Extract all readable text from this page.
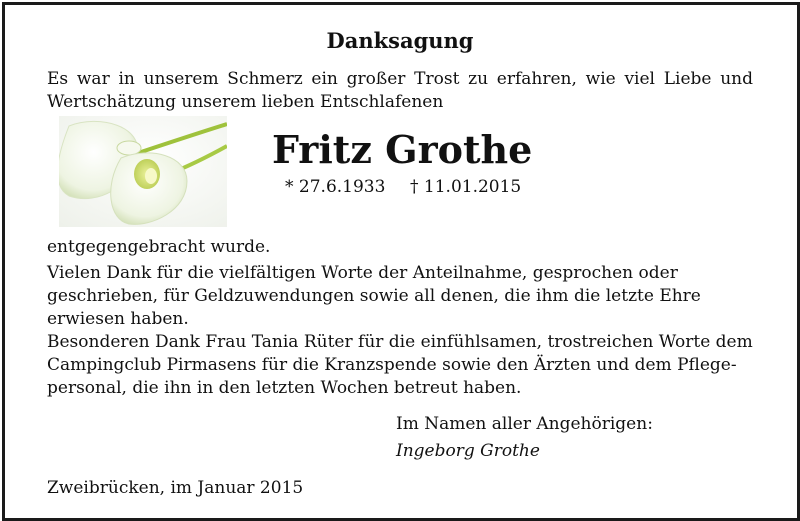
Danksagung

Es war in unserem Schmerz ein großer Trost zu erfahren, wie viel Liebe und

Wertschätzung unserem lieben Entschlafenen

Fritz Grothe
* 27.6.1933 † 11.01.2015

entgegengebracht wurde.

Vielen Dank für die vielfältigen Worte der Anteilnahme, gesprochen oder

geschrieben, für Geldzuwendungen sowie all denen, die ihm die letzte Ehre

erwiesen haben.

Besonderen Dank Frau Tania Rüter für die einfühlsamen, trostreichen Worte dem

Campingclub Pirmasens für die Kranzspende sowie den Ärzten und dem Pflege-

personal, die ihn in den letzten Wochen betreut haben.

Im Namen aller Angehörigen:

Ingeborg Grothe

Zweibrücken, im Januar 2015
